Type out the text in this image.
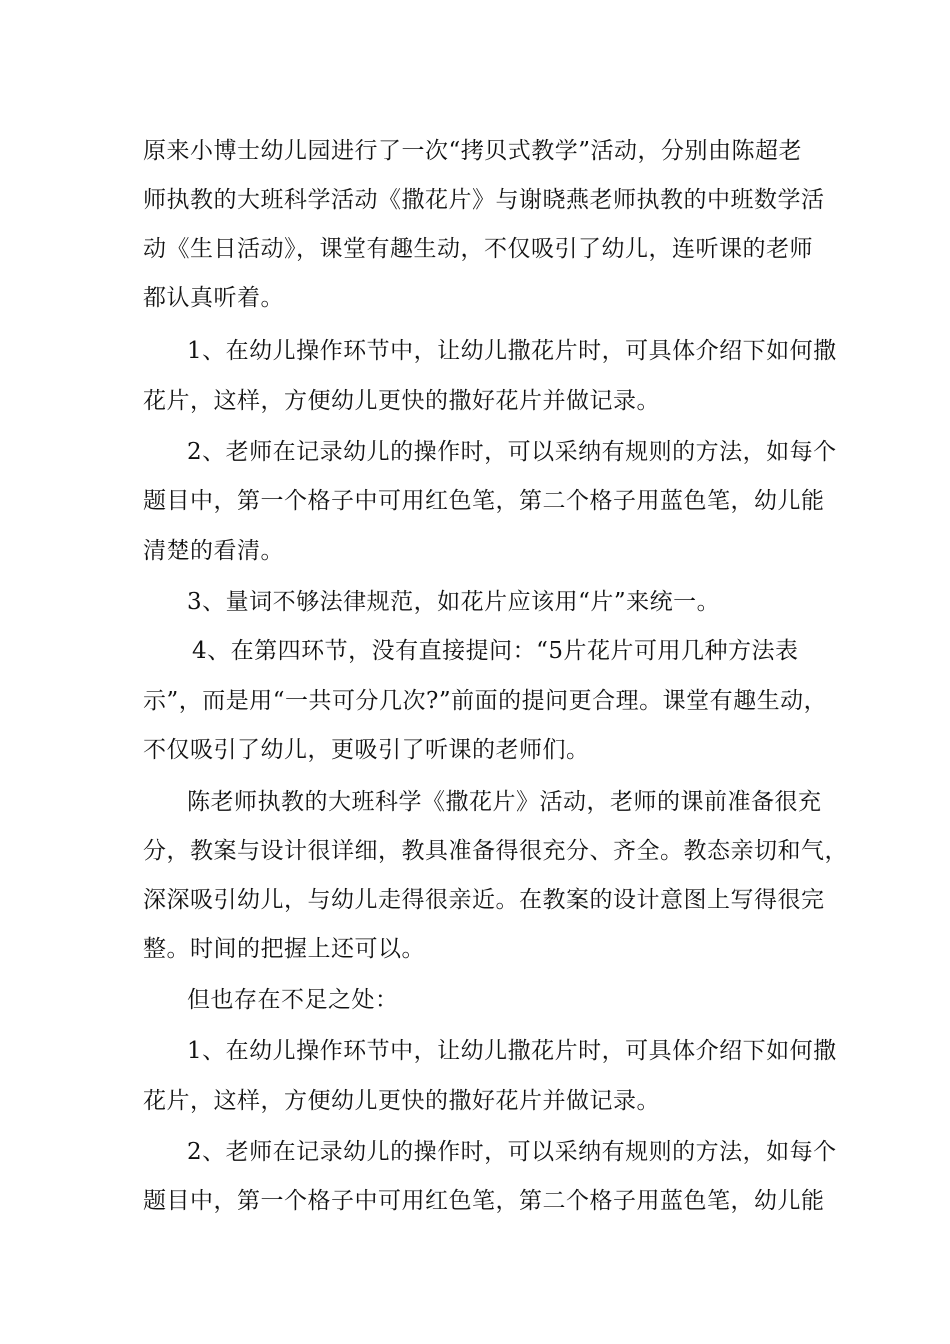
原来小博士幼儿园进行了一次“拷贝式教学”活动，分别由陈超老
师执教的大班科学活动《撒花片》与谢晓燕老师执教的中班数学活
动《生日活动》，课堂有趣生动，不仅吸引了幼儿，连听课的老师
都认真听着。
1、在幼儿操作环节中，让幼儿撒花片时，可具体介绍下如何撒
花片，这样，方便幼儿更快的撒好花片并做记录。
2、老师在记录幼儿的操作时，可以采纳有规则的方法，如每个
题目中，第一个格子中可用红色笔，第二个格子用蓝色笔，幼儿能
清楚的看清。
3、量词不够法律规范，如花片应该用“片”来统一。
4、在第四环节，没有直接提问：“5片花片可用几种方法表
示”，而是用“一共可分几次?”前面的提问更合理。课堂有趣生动，
不仅吸引了幼儿，更吸引了听课的老师们。
陈老师执教的大班科学《撒花片》活动，老师的课前准备很充
分，教案与设计很详细，教具准备得很充分、齐全。教态亲切和气，
深深吸引幼儿，与幼儿走得很亲近。在教案的设计意图上写得很完
整。时间的把握上还可以。
但也存在不足之处：
1、在幼儿操作环节中，让幼儿撒花片时，可具体介绍下如何撒
花片，这样，方便幼儿更快的撒好花片并做记录。
2、老师在记录幼儿的操作时，可以采纳有规则的方法，如每个
题目中，第一个格子中可用红色笔，第二个格子用蓝色笔，幼儿能
